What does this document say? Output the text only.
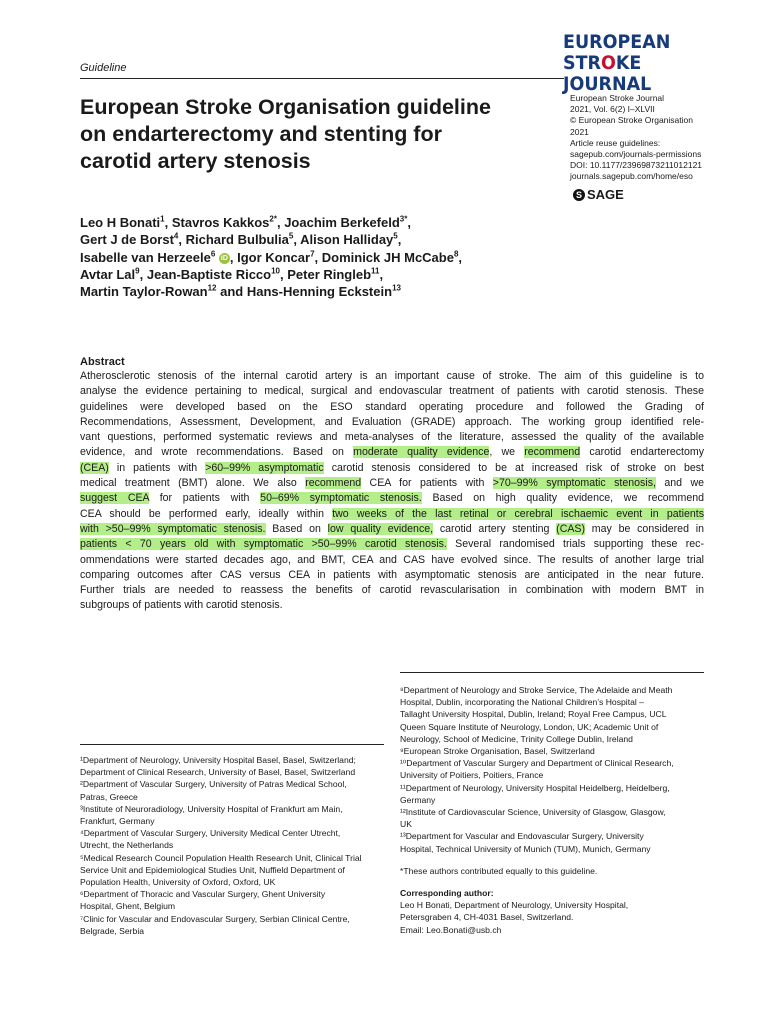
Guideline
EUROPEAN
STROKE JOURNAL
European Stroke Organisation guideline
on endarterectomy and stenting for
carotid artery stenosis
European Stroke Journal
2021, Vol. 6(2) I–XLVII
© European Stroke Organisation
2021
Article reuse guidelines:
sagepub.com/journals-permissions
DOI: 10.1177/23969873211012121
journals.sagepub.com/home/eso
S SAGE
Leo H Bonati$^1$, Stavros Kakkos$^{2*}$, Joachim Berkefeld$^{3*}$,
Gert J de Borst$^4$, Richard Bulbulia$^5$, Alison Halliday$^5$,
Isabelle van Herzeele$^6$ iD , Igor Koncar$^7$, Dominick JH McCabe$^8$,
Avtar Lal$^9$, Jean-Baptiste Ricco$^{10}$, Peter Ringleb$^{11}$,
Martin Taylor-Rowan$^{12}$ and Hans-Henning Eckstein$^{13}$
Abstract
Atherosclerotic stenosis of the internal carotid artery is an important cause of stroke. The aim of this guideline is to
analyse the evidence pertaining to medical, surgical and endovascular treatment of patients with carotid stenosis. These
guidelines were developed based on the ESO standard operating procedure and followed the Grading of
Recommendations, Assessment, Development, and Evaluation (GRADE) approach. The working group identified rele-
vant questions, performed systematic reviews and meta-analyses of the literature, assessed the quality of the available
evidence, and wrote recommendations. Based on moderate quality evidence, we recommend carotid endarterectomy
(CEA) in patients with >60–99% asymptomatic carotid stenosis considered to be at increased risk of stroke on best
medical treatment (BMT) alone. We also recommend CEA for patients with >70–99% symptomatic stenosis, and we
suggest CEA for patients with 50–69% symptomatic stenosis. Based on high quality evidence, we recommend
CEA should be performed early, ideally within two weeks of the last retinal or cerebral ischaemic event in patients
with >50–99% symptomatic stenosis. Based on low quality evidence, carotid artery stenting (CAS) may be considered in
patients < 70 years old with symptomatic >50–99% carotid stenosis. Several randomised trials supporting these rec-
ommendations were started decades ago, and BMT, CEA and CAS have evolved since. The results of another large trial
comparing outcomes after CAS versus CEA in patients with asymptomatic stenosis are anticipated in the near future.
Further trials are needed to reassess the benefits of carotid revascularisation in combination with modern BMT in
subgroups of patients with carotid stenosis.
¹Department of Neurology, University Hospital Basel, Basel, Switzerland;
Department of Clinical Research, University of Basel, Basel, Switzerland
²Department of Vascular Surgery, University of Patras Medical School,
Patras, Greece
³Institute of Neuroradiology, University Hospital of Frankfurt am Main,
Frankfurt, Germany
⁴Department of Vascular Surgery, University Medical Center Utrecht,
Utrecht, the Netherlands
⁵Medical Research Council Population Health Research Unit, Clinical Trial
Service Unit and Epidemiological Studies Unit, Nuffield Department of
Population Health, University of Oxford, Oxford, UK
⁶Department of Thoracic and Vascular Surgery, Ghent University
Hospital, Ghent, Belgium
⁷Clinic for Vascular and Endovascular Surgery, Serbian Clinical Centre,
Belgrade, Serbia
⁸Department of Neurology and Stroke Service, The Adelaide and Meath
Hospital, Dublin, incorporating the National Children’s Hospital –
Tallaght University Hospital, Dublin, Ireland; Royal Free Campus, UCL
Queen Square Institute of Neurology, London, UK; Academic Unit of
Neurology, School of Medicine, Trinity College Dublin, Ireland
⁹European Stroke Organisation, Basel, Switzerland
¹⁰Department of Vascular Surgery and Department of Clinical Research,
University of Poitiers, Poitiers, France
¹¹Department of Neurology, University Hospital Heidelberg, Heidelberg,
Germany
¹²Institute of Cardiovascular Science, University of Glasgow, Glasgow,
UK
¹³Department for Vascular and Endovascular Surgery, University
Hospital, Technical University of Munich (TUM), Munich, Germany
*These authors contributed equally to this guideline.
Corresponding author:
Leo H Bonati, Department of Neurology, University Hospital,
Petersgraben 4, CH-4031 Basel, Switzerland.
Email: Leo.Bonati@usb.ch
